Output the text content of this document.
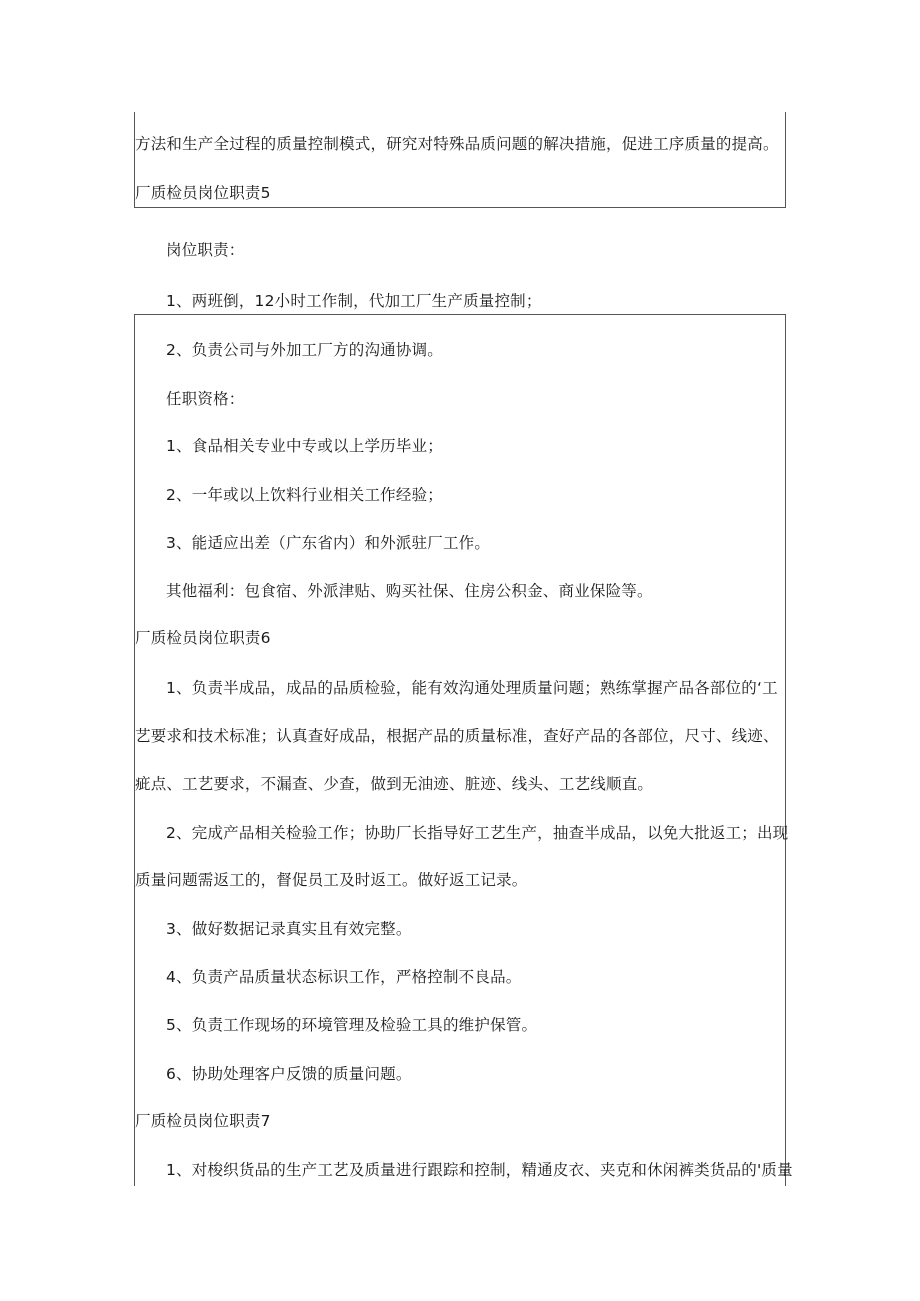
方法和生产全过程的质量控制模式，研究对特殊品质问题的解决措施，促进工序质量的提高。
厂质检员岗位职责5
岗位职责：
1、两班倒，12小时工作制，代加工厂生产质量控制；
2、负责公司与外加工厂方的沟通协调。
任职资格：
1、食品相关专业中专或以上学历毕业；
2、一年或以上饮料行业相关工作经验；
3、能适应出差（广东省内）和外派驻厂工作。
其他福利：包食宿、外派津贴、购买社保、住房公积金、商业保险等。
厂质检员岗位职责6
1、负责半成品，成品的品质检验，能有效沟通处理质量问题；熟练掌握产品各部位的‘工
艺要求和技术标准；认真查好成品，根据产品的质量标准，查好产品的各部位，尺寸、线迹、
疵点、工艺要求，不漏查、少查，做到无油迹、脏迹、线头、工艺线顺直。
2、完成产品相关检验工作；协助厂长指导好工艺生产，抽查半成品，以免大批返工；出现
质量问题需返工的，督促员工及时返工。做好返工记录。
3、做好数据记录真实且有效完整。
4、负责产品质量状态标识工作，严格控制不良品。
5、负责工作现场的环境管理及检验工具的维护保管。
6、协助处理客户反馈的质量问题。
厂质检员岗位职责7
1、对梭织货品的生产工艺及质量进行跟踪和控制，精通皮衣、夹克和休闲裤类货品的'质量
